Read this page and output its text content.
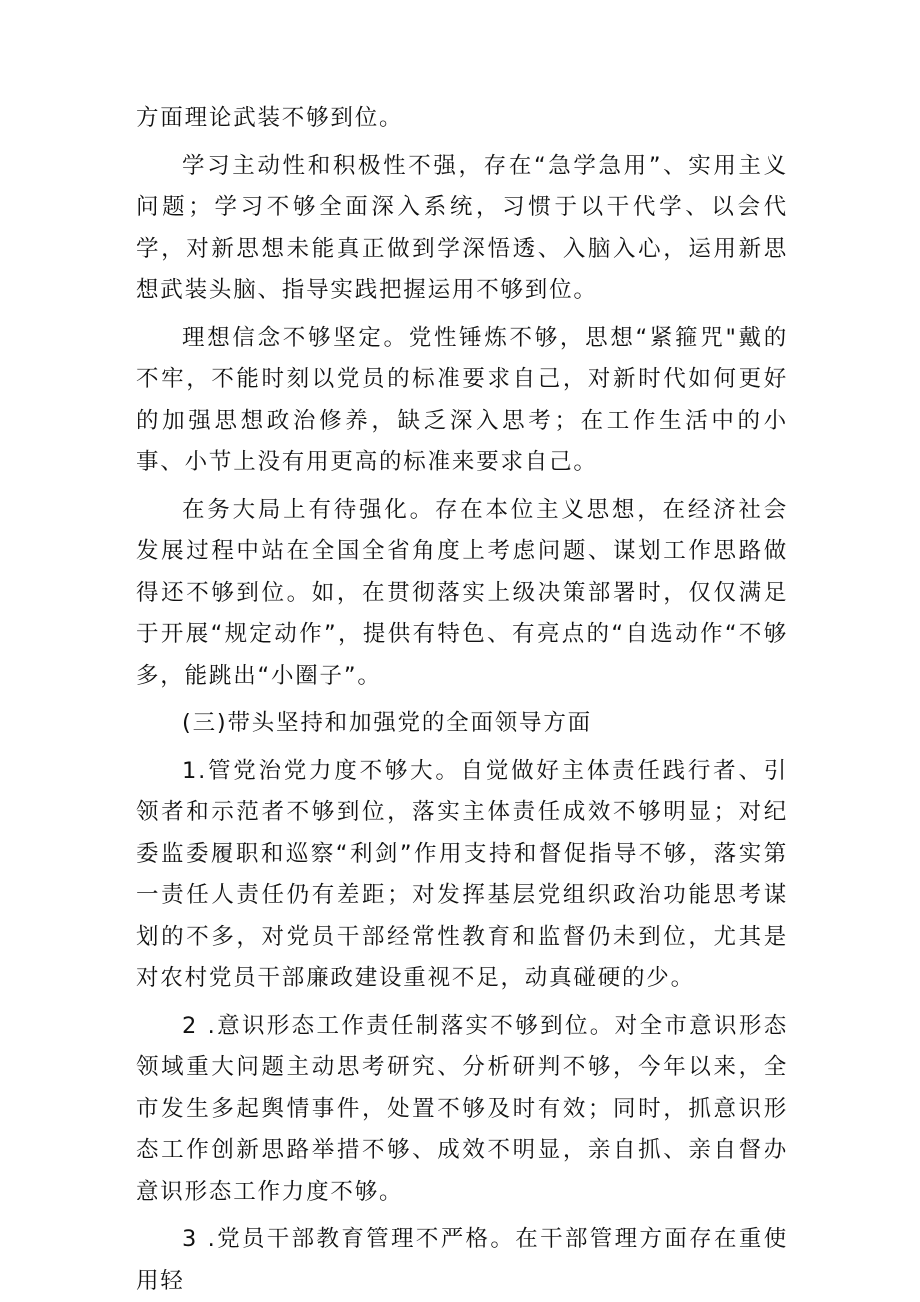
方面理论武装不够到位。

学习主动性和积极性不强，存在“急学急用”、实用主义问题；学习不够全面深入系统，习惯于以干代学、以会代学，对新思想未能真正做到学深悟透、入脑入心，运用新思想武装头脑、指导实践把握运用不够到位。

理想信念不够坚定。党性锤炼不够，思想“紧箍咒"戴的不牢，不能时刻以党员的标准要求自己，对新时代如何更好的加强思想政治修养，缺乏深入思考；在工作生活中的小事、小节上没有用更高的标准来要求自己。

在务大局上有待强化。存在本位主义思想，在经济社会发展过程中站在全国全省角度上考虑问题、谋划工作思路做得还不够到位。如，在贯彻落实上级决策部署时，仅仅满足于开展“规定动作”，提供有特色、有亮点的“自选动作“不够多，能跳出“小圈子”。

(三)带头坚持和加强党的全面领导方面

1.管党治党力度不够大。自觉做好主体责任践行者、引领者和示范者不够到位，落实主体责任成效不够明显；对纪委监委履职和巡察“利剑”作用支持和督促指导不够，落实第一责任人责任仍有差距；对发挥基层党组织政治功能思考谋划的不多，对党员干部经常性教育和监督仍未到位，尤其是对农村党员干部廉政建设重视不足，动真碰硬的少。

2 .意识形态工作责任制落实不够到位。对全市意识形态领域重大问题主动思考研究、分析研判不够，今年以来，全市发生多起舆情事件，处置不够及时有效；同时，抓意识形态工作创新思路举措不够、成效不明显，亲自抓、亲自督办意识形态工作力度不够。

3 .党员干部教育管理不严格。在干部管理方面存在重使用轻
